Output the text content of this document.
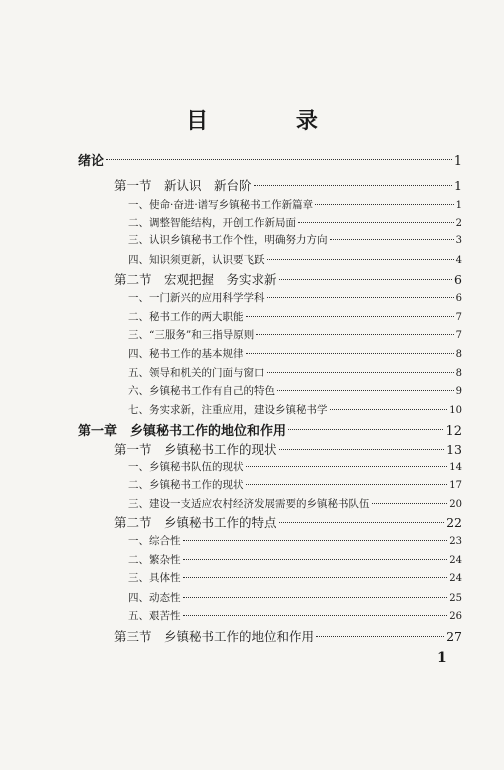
目 录
绪论	1
第一节　新认识　新台阶	1
一、使命·奋进·谱写乡镇秘书工作新篇章	1
二、调整智能结构，开创工作新局面	2
三、认识乡镇秘书工作个性，明确努力方向	3
四、知识须更新，认识要飞跃	4
第二节　宏观把握　务实求新	6
一、一门新兴的应用科学学科	6
二、秘书工作的两大职能	7
三、“三服务”和三指导原则	7
四、秘书工作的基本规律	8
五、领导和机关的门面与窗口	8
六、乡镇秘书工作有自己的特色	9
七、务实求新，注重应用，建设乡镇秘书学	10
第一章　乡镇秘书工作的地位和作用	12
第一节　乡镇秘书工作的现状	13
一、乡镇秘书队伍的现状	14
二、乡镇秘书工作的现状	17
三、建设一支适应农村经济发展需要的乡镇秘书队伍	20
第二节　乡镇秘书工作的特点	22
一、综合性	23
二、繁杂性	24
三、具体性	24
四、动态性	25
五、艰苦性	26
第三节　乡镇秘书工作的地位和作用	27
1
